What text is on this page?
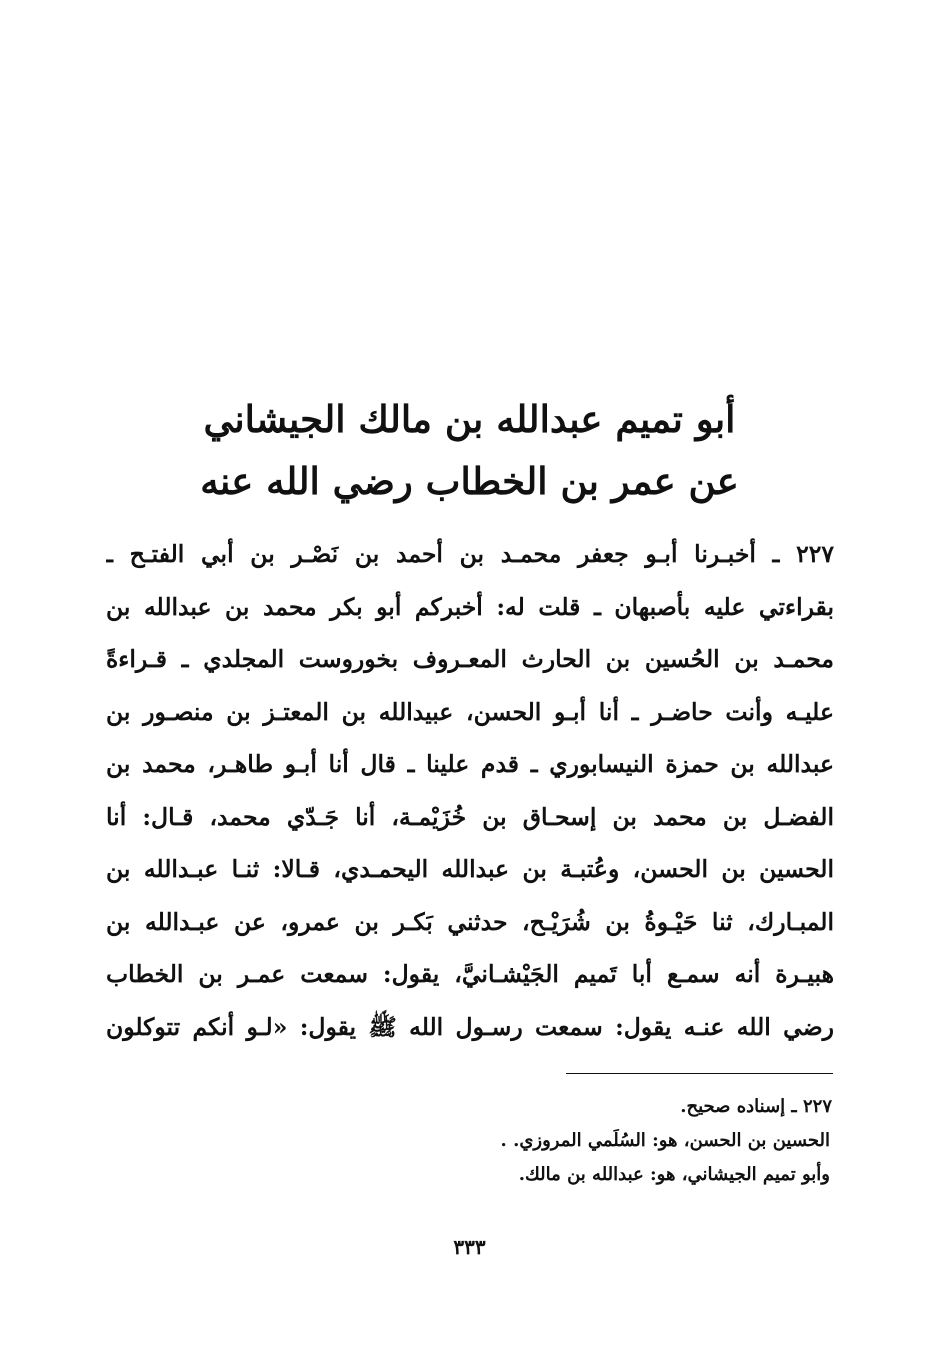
أبو تميم عبدالله بن مالك الجيشاني
عن عمر بن الخطاب رضي الله عنه
٢٢٧ ـ أخبـرنا أبـو جعفر محمـد بن أحمد بن نَصْـر بن أبي الفتـح ـ
بقراءتي عليه بأصبهان ـ قلت له: أخبركم أبو بكر محمد بن عبدالله بن
محمـد بن الحُسين بن الحارث المعـروف بخوروست المجلدي ـ قـراءةً
عليـه وأنت حاضـر ـ أنا أبـو الحسن، عبيدالله بن المعتـز بن منصـور بن
عبدالله بن حمزة النيسابوري ـ قدم علينا ـ قال أنا أبـو طاهـر، محمد بن
الفضـل بن محمد بن إسحـاق بن خُزَيْمـة، أنا جَـدّي محمد، قـال: أنا
الحسين بن الحسن، وعُتبـة بن عبدالله اليحمـدي، قـالا: ثنـا عبـدالله بن
المبـارك، ثنا حَيْـوةُ بن شُرَيْـح، حدثني بَكـر بن عمرو، عن عبـدالله بن
هبيـرة أنه سمـع أبا تَميم الجَيْشـانيَّ، يقول: سمعت عمـر بن الخطاب
رضي الله عنـه يقول: سمعت رسـول الله ﷺ يقول: «لـو أنكم تتوكلون
٢٢٧ ـ إسناده صحيح.
الحسين بن الحسن، هو: السُلَمي المروزي. .
وأبو تميم الجيشاني، هو: عبدالله بن مالك.
٣٣٣
